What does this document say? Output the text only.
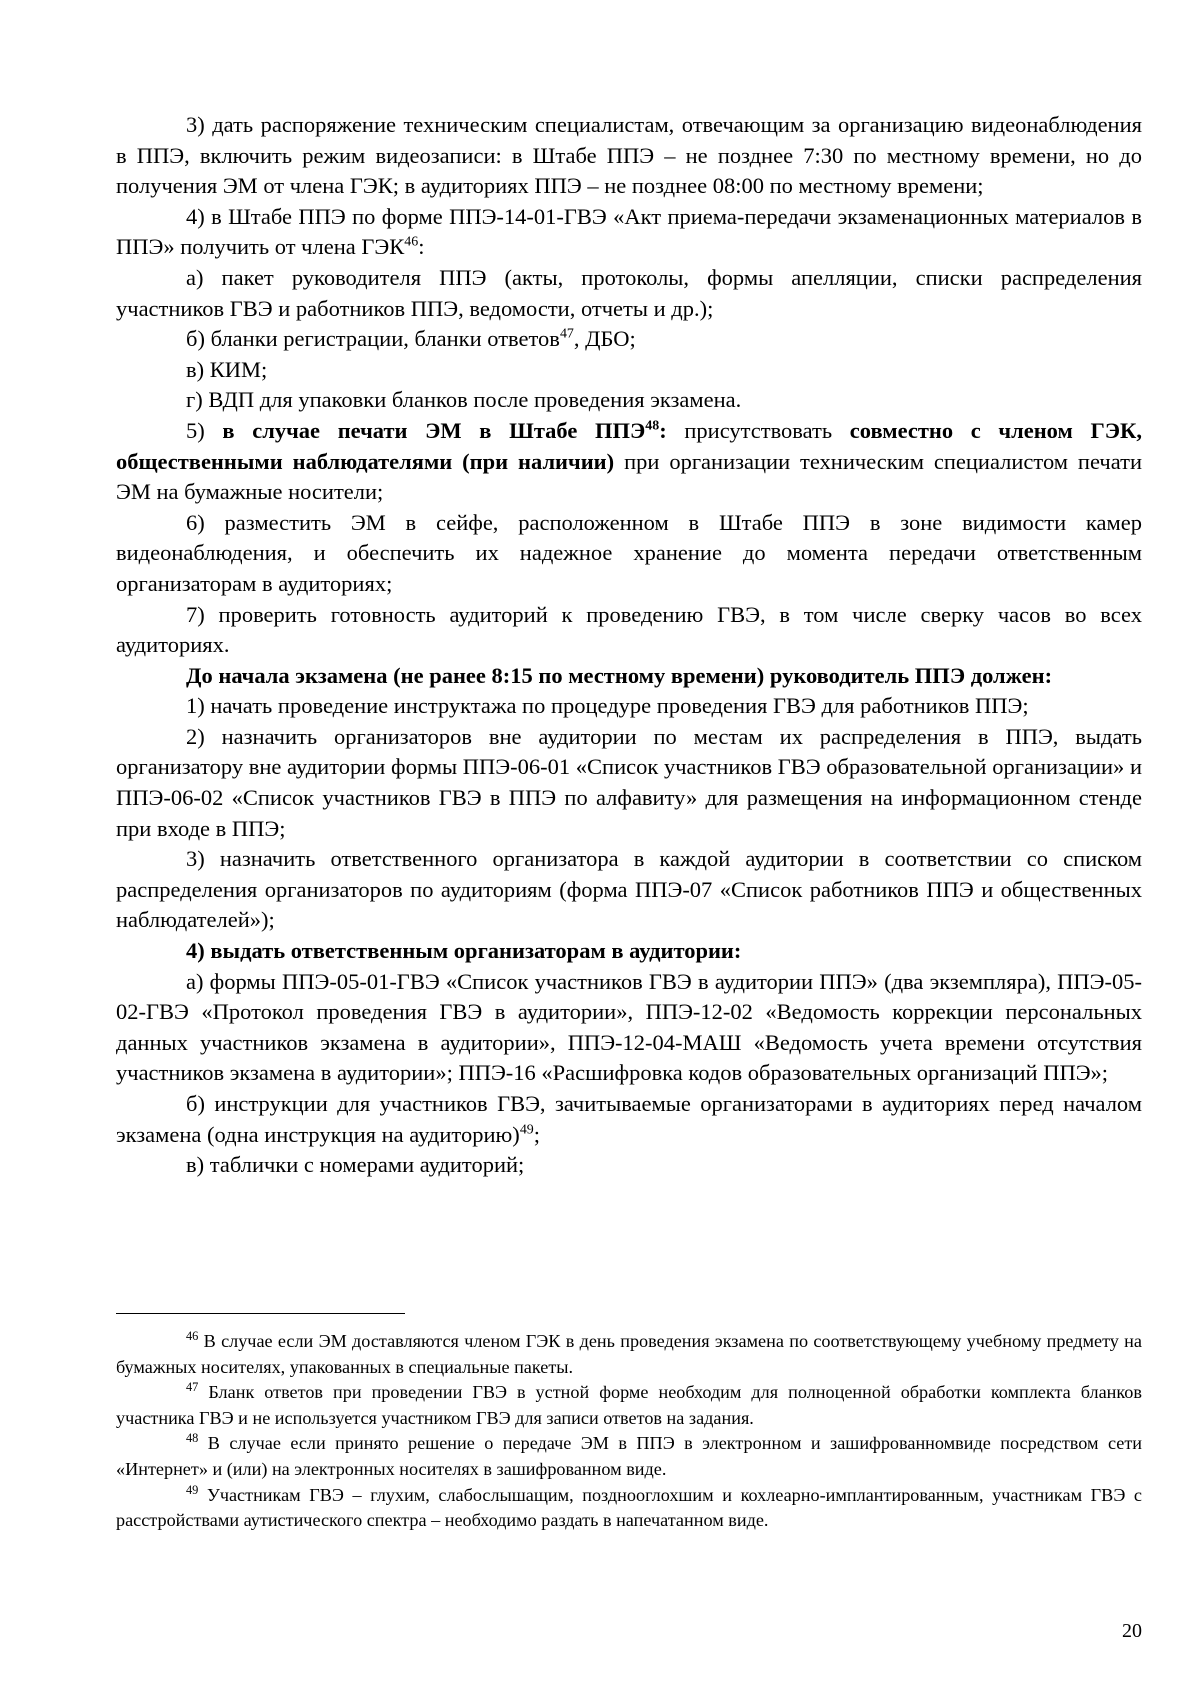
3) дать распоряжение техническим специалистам, отвечающим за организацию видеонаблюдения в ППЭ, включить режим видеозаписи: в Штабе ППЭ – не позднее 7:30 по местному времени, но до получения ЭМ от члена ГЭК; в аудиториях ППЭ – не позднее 08:00 по местному времени;

4) в Штабе ППЭ по форме ППЭ-14-01-ГВЭ «Акт приема-передачи экзаменационных материалов в ППЭ» получить от члена ГЭК$^{46}$:

а) пакет руководителя ППЭ (акты, протоколы, формы апелляции, списки распределения участников ГВЭ и работников ППЭ, ведомости, отчеты и др.);

б) бланки регистрации, бланки ответов$^{47}$, ДБО;

в) КИМ;

г) ВДП для упаковки бланков после проведения экзамена.

5) в случае печати ЭМ в Штабе ППЭ$^{48}$: присутствовать совместно с членом ГЭК, общественными наблюдателями (при наличии) при организации техническим специалистом печати ЭМ на бумажные носители;

6) разместить ЭМ в сейфе, расположенном в Штабе ППЭ в зоне видимости камер видеонаблюдения, и обеспечить их надежное хранение до момента передачи ответственным организаторам в аудиториях;

7) проверить готовность аудиторий к проведению ГВЭ, в том числе сверку часов во всех аудиториях.

До начала экзамена (не ранее 8:15 по местному времени) руководитель ППЭ должен:

1) начать проведение инструктажа по процедуре проведения ГВЭ для работников ППЭ;

2) назначить организаторов вне аудитории по местам их распределения в ППЭ, выдать организатору вне аудитории формы ППЭ-06-01 «Список участников ГВЭ образовательной организации» и ППЭ-06-02 «Список участников ГВЭ в ППЭ по алфавиту» для размещения на информационном стенде при входе в ППЭ;

3) назначить ответственного организатора в каждой аудитории в соответствии со списком распределения организаторов по аудиториям (форма ППЭ-07 «Список работников ППЭ и общественных наблюдателей»);

4) выдать ответственным организаторам в аудитории:

а) формы ППЭ-05-01-ГВЭ «Список участников ГВЭ в аудитории ППЭ» (два экземпляра), ППЭ-05-02-ГВЭ «Протокол проведения ГВЭ в аудитории», ППЭ-12-02 «Ведомость коррекции персональных данных участников экзамена в аудитории», ППЭ-12-04-МАШ «Ведомость учета времени отсутствия участников экзамена в аудитории»; ППЭ-16 «Расшифровка кодов образовательных организаций ППЭ»;

б) инструкции для участников ГВЭ, зачитываемые организаторами в аудиториях перед началом экзамена (одна инструкция на аудиторию)$^{49}$;

в) таблички с номерами аудиторий;

$^{46}$ В случае если ЭМ доставляются членом ГЭК в день проведения экзамена по соответствующему учебному предмету на бумажных носителях, упакованных в специальные пакеты.

$^{47}$ Бланк ответов при проведении ГВЭ в устной форме необходим для полноценной обработки комплекта бланков участника ГВЭ и не используется участником ГВЭ для записи ответов на задания.

$^{48}$ В случае если принято решение о передаче ЭМ в ППЭ в электронном и зашифрованномвиде посредством сети «Интернет» и (или) на электронных носителях в зашифрованном виде.

$^{49}$ Участникам ГВЭ – глухим, слабослышащим, позднооглохшим и кохлеарно-имплантированным, участникам ГВЭ с расстройствами аутистического спектра – необходимо раздать в напечатанном виде.

20
